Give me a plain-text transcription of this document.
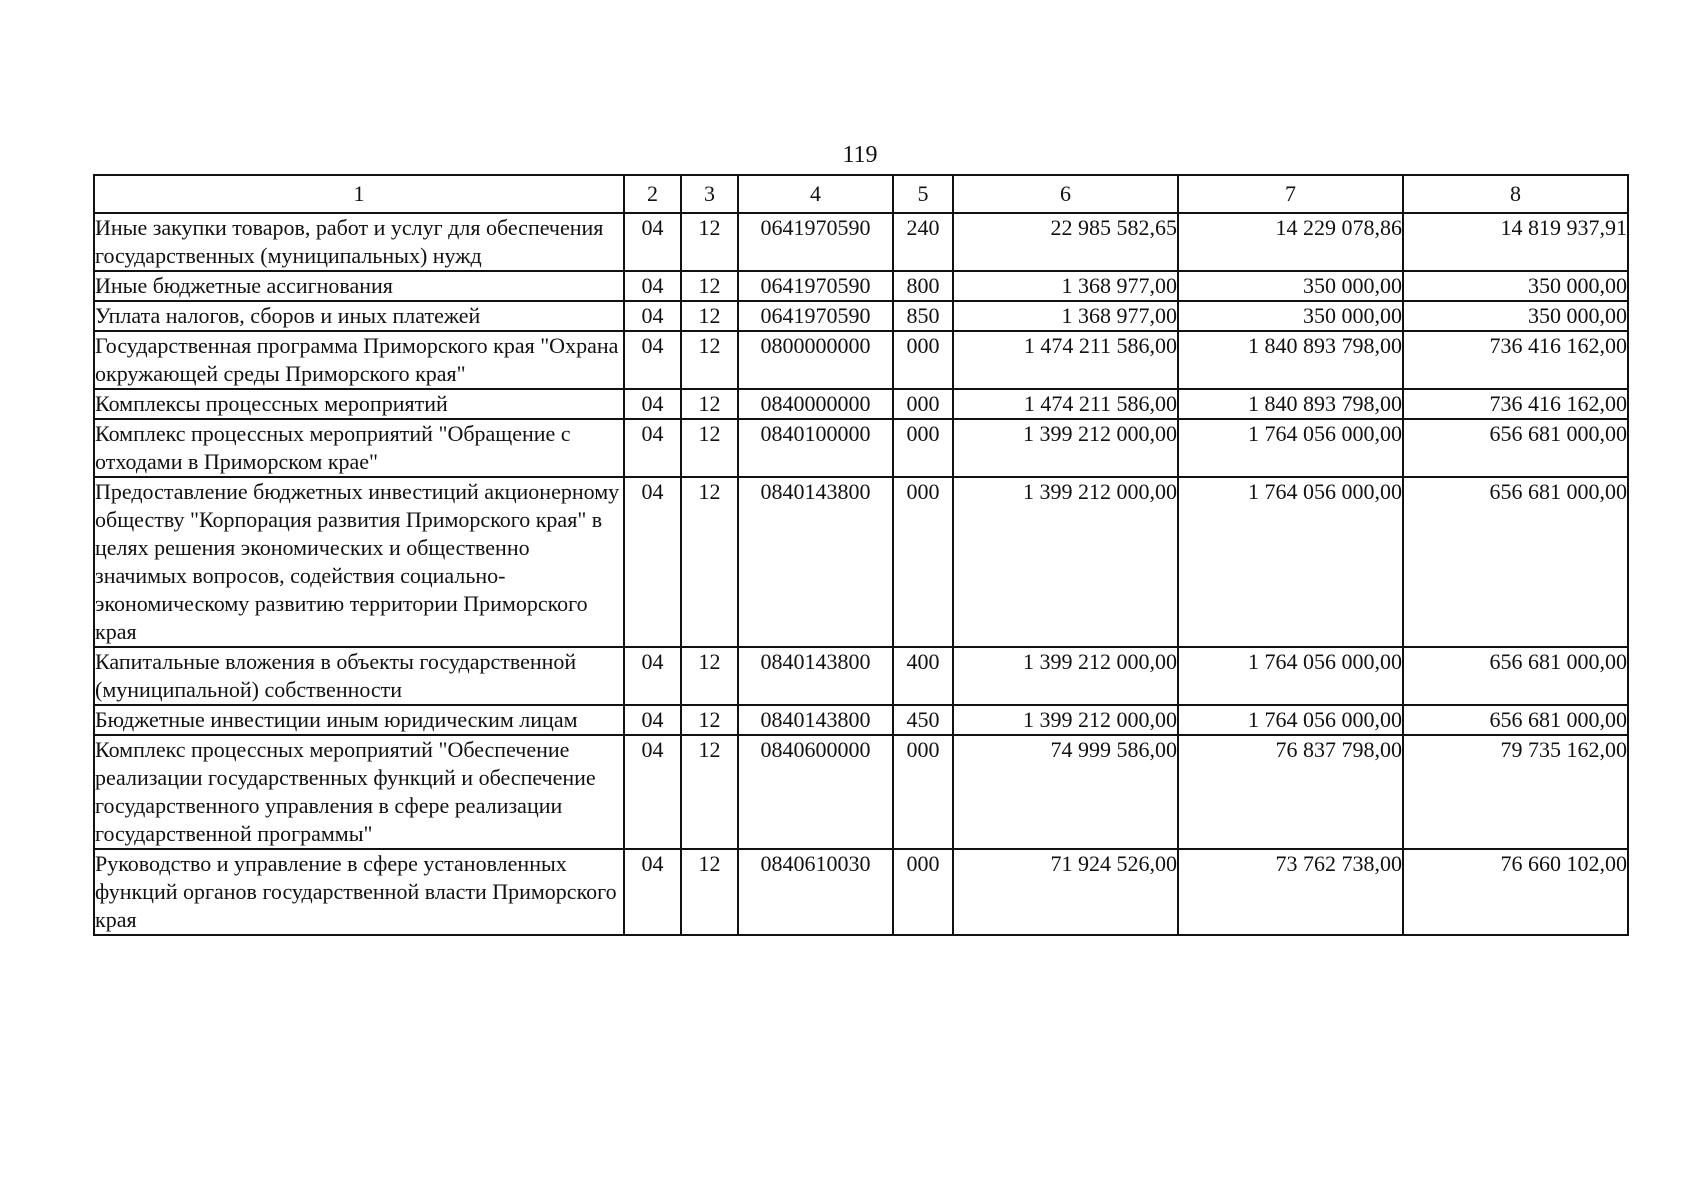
119
1	2	3	4	5	6	7	8
Иные закупки товаров, работ и услуг для обеспечения государственных (муниципальных) нужд	04	12	0641970590	240	22 985 582,65	14 229 078,86	14 819 937,91
Иные бюджетные ассигнования	04	12	0641970590	800	1 368 977,00	350 000,00	350 000,00
Уплата налогов, сборов и иных платежей	04	12	0641970590	850	1 368 977,00	350 000,00	350 000,00
Государственная программа Приморского края "Охрана окружающей среды Приморского края"	04	12	0800000000	000	1 474 211 586,00	1 840 893 798,00	736 416 162,00
Комплексы процессных мероприятий	04	12	0840000000	000	1 474 211 586,00	1 840 893 798,00	736 416 162,00
Комплекс процессных мероприятий "Обращение с отходами в Приморском крае"	04	12	0840100000	000	1 399 212 000,00	1 764 056 000,00	656 681 000,00
Предоставление бюджетных инвестиций акционерному обществу "Корпорация развития Приморского края" в целях решения экономических и общественно значимых вопросов, содействия социально-экономическому развитию территории Приморского края	04	12	0840143800	000	1 399 212 000,00	1 764 056 000,00	656 681 000,00
Капитальные вложения в объекты государственной (муниципальной) собственности	04	12	0840143800	400	1 399 212 000,00	1 764 056 000,00	656 681 000,00
Бюджетные инвестиции иным юридическим лицам	04	12	0840143800	450	1 399 212 000,00	1 764 056 000,00	656 681 000,00
Комплекс процессных мероприятий "Обеспечение реализации государственных функций и обеспечение государственного управления в сфере реализации государственной программы"	04	12	0840600000	000	74 999 586,00	76 837 798,00	79 735 162,00
Руководство и управление в сфере установленных функций органов государственной власти Приморского края	04	12	0840610030	000	71 924 526,00	73 762 738,00	76 660 102,00
